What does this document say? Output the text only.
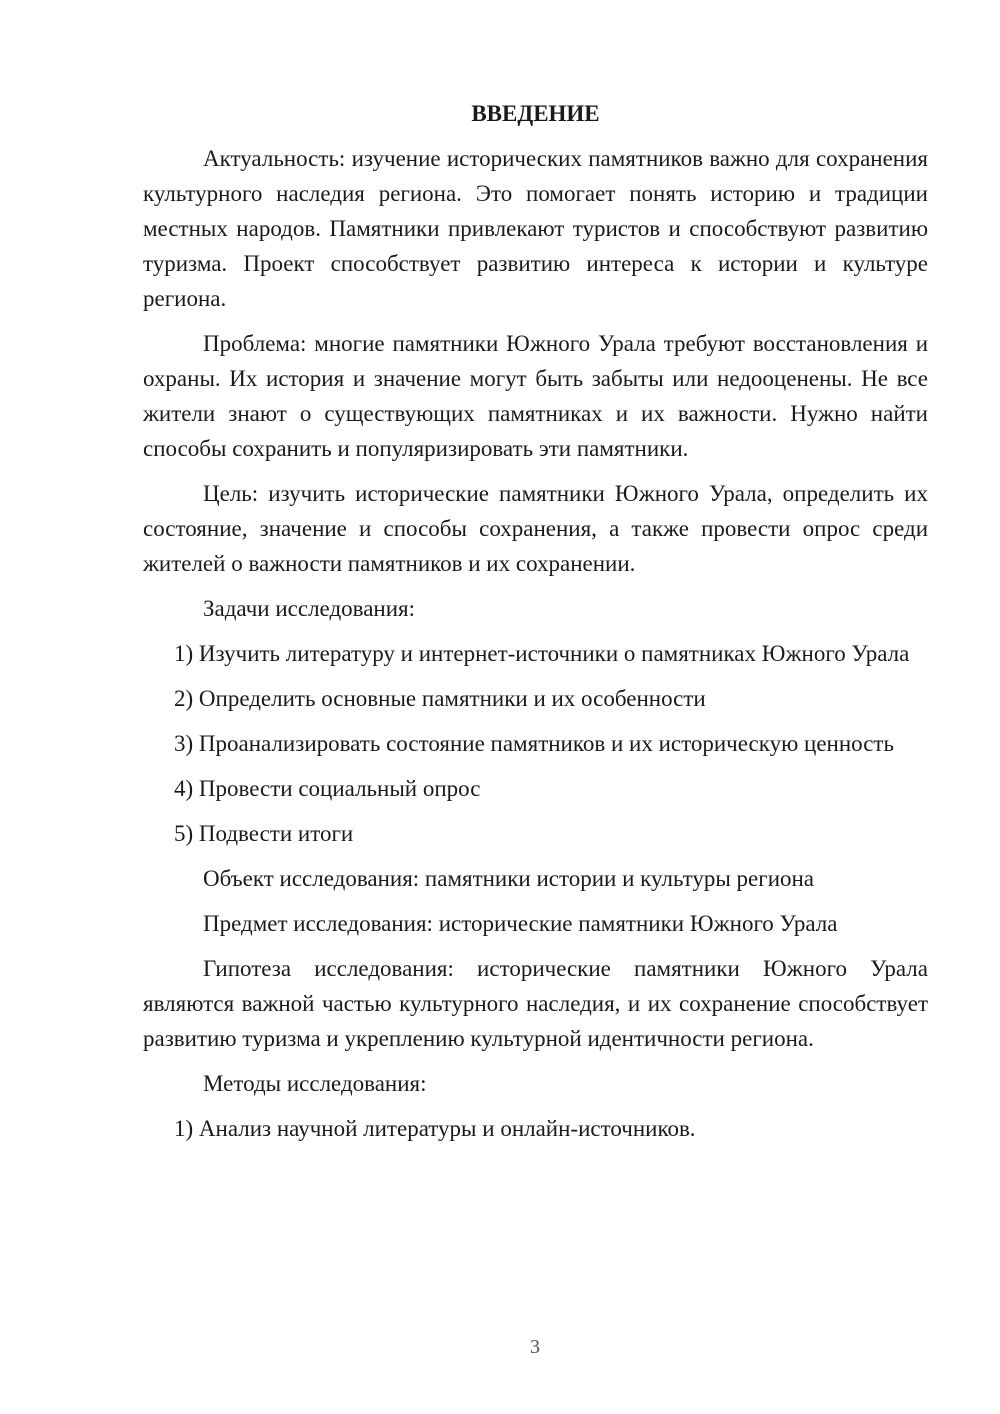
ВВЕДЕНИЕ

Актуальность: изучение исторических памятников важно для сохранения культурного наследия региона. Это помогает понять историю и традиции местных народов. Памятники привлекают туристов и способствуют развитию туризма. Проект способствует развитию интереса к истории и культуре региона.

Проблема: многие памятники Южного Урала требуют восстановления и охраны. Их история и значение могут быть забыты или недооценены. Не все жители знают о существующих памятниках и их важности. Нужно найти способы сохранить и популяризировать эти памятники.

Цель: изучить исторические памятники Южного Урала, определить их состояние, значение и способы сохранения, а также провести опрос среди жителей о важности памятников и их сохранении.

Задачи исследования:

1) Изучить литературу и интернет-источники о памятниках Южного Урала

2) Определить основные памятники и их особенности

3) Проанализировать состояние памятников и их историческую ценность

4) Провести социальный опрос

5) Подвести итоги

Объект исследования: памятники истории и культуры региона

Предмет исследования: исторические памятники Южного Урала

Гипотеза исследования: исторические памятники Южного Урала являются важной частью культурного наследия, и их сохранение способствует развитию туризма и укреплению культурной идентичности региона.

Методы исследования:

1) Анализ научной литературы и онлайн-источников.

3
